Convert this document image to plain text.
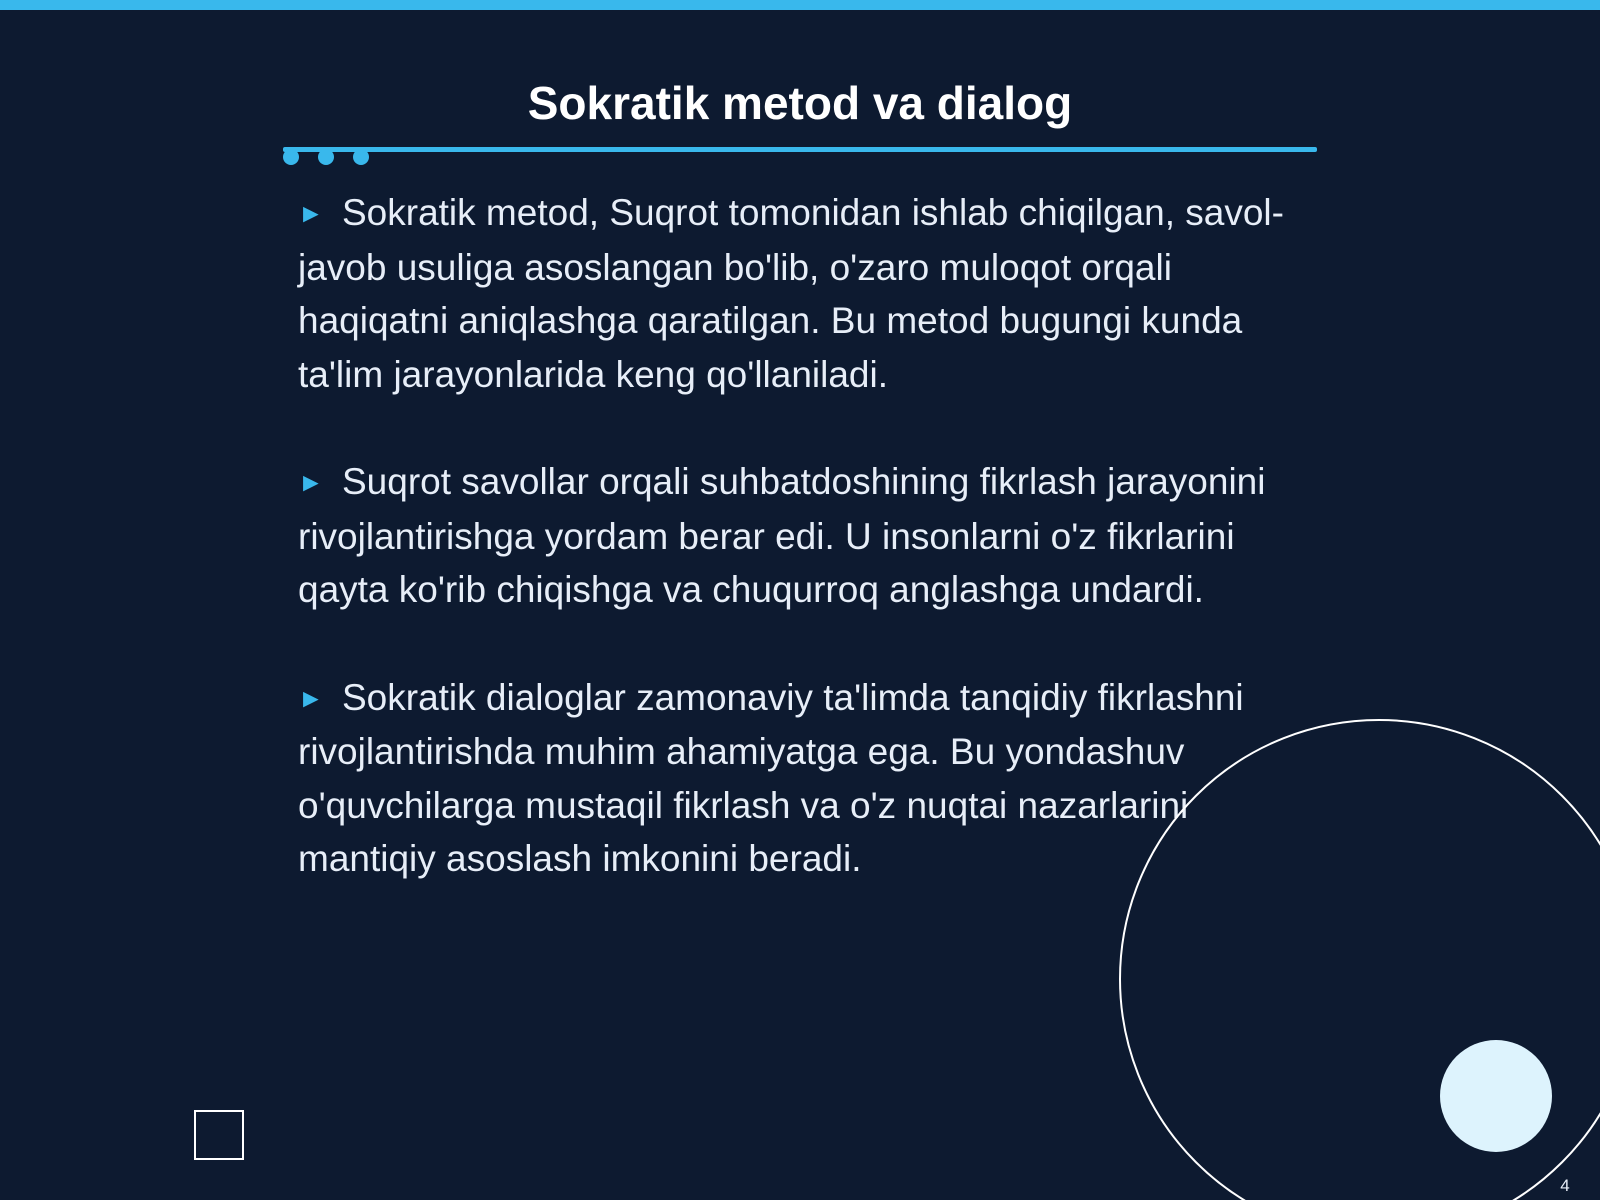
Sokratik metod va dialog

► Sokratik metod, Suqrot tomonidan ishlab chiqilgan, savol-javob usuliga asoslangan bo'lib, o'zaro muloqot orqali haqiqatni aniqlashga qaratilgan. Bu metod bugungi kunda ta'lim jarayonlarida keng qo'llaniladi.

► Suqrot savollar orqali suhbatdoshining fikrlash jarayonini rivojlantirishga yordam berar edi. U insonlarni o'z fikrlarini qayta ko'rib chiqishga va chuqurroq anglashga undardi.

► Sokratik dialoglar zamonaviy ta'limda tanqidiy fikrlashni rivojlantirishda muhim ahamiyatga ega. Bu yondashuv o'quvchilarga mustaqil fikrlash va o'z nuqtai nazarlarini mantiqiy asoslash imkonini beradi.

4
